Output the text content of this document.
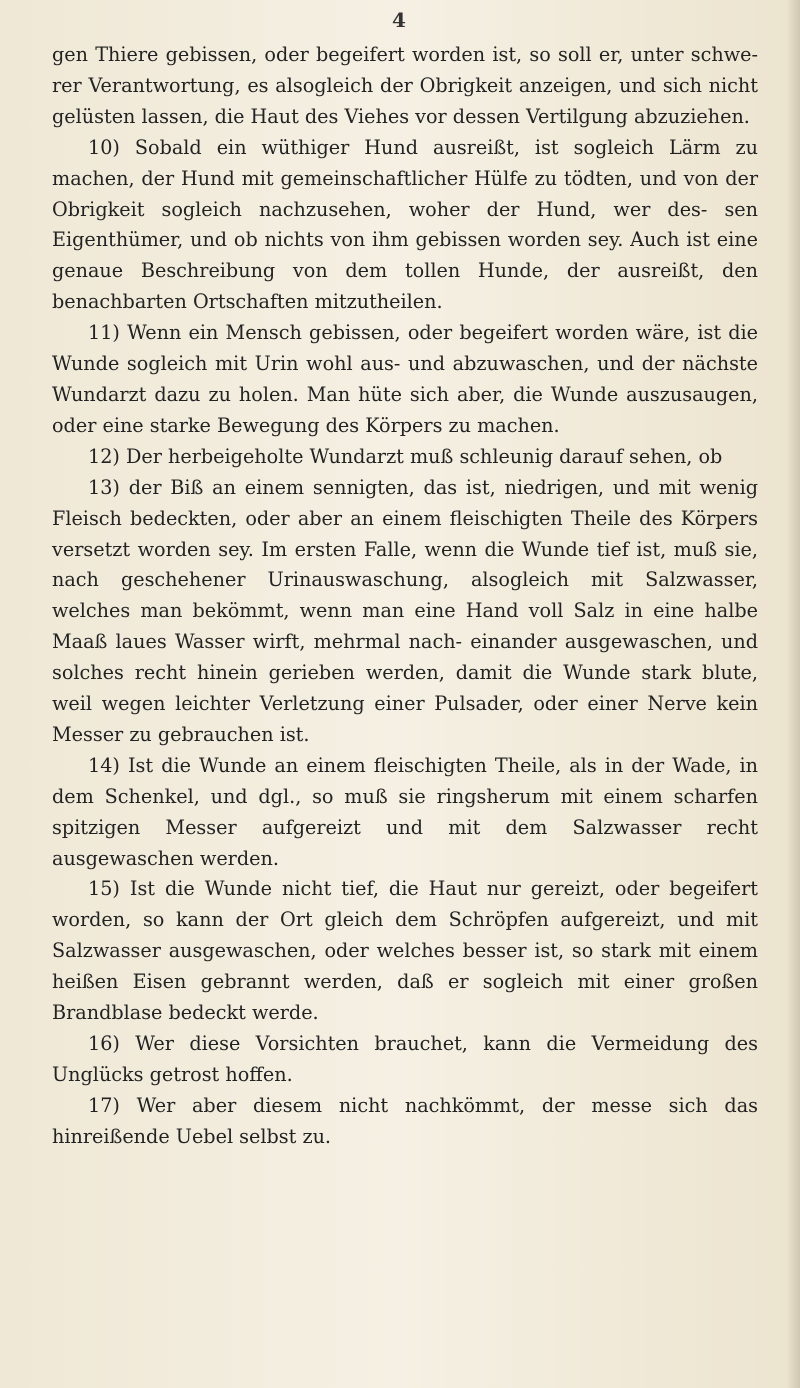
4

gen Thiere gebissen, oder begeifert worden ist, so soll er, unter schwe- rer Verantwortung, es alsogleich der Obrigkeit anzeigen, und sich nicht gelüsten lassen, die Haut des Viehes vor dessen Vertilgung abzuziehen.

10) Sobald ein wüthiger Hund ausreißt, ist sogleich Lärm zu machen, der Hund mit gemeinschaftlicher Hülfe zu tödten, und von der Obrigkeit sogleich nachzusehen, woher der Hund, wer des- sen Eigenthümer, und ob nichts von ihm gebissen worden sey. Auch ist eine genaue Beschreibung von dem tollen Hunde, der ausreißt, den benachbarten Ortschaften mitzutheilen.

11) Wenn ein Mensch gebissen, oder begeifert worden wäre, ist die Wunde sogleich mit Urin wohl aus- und abzuwaschen, und der nächste Wundarzt dazu zu holen. Man hüte sich aber, die Wunde auszusaugen, oder eine starke Bewegung des Körpers zu machen.

12) Der herbeigeholte Wundarzt muß schleunig darauf sehen, ob

13) der Biß an einem sennigten, das ist, niedrigen, und mit wenig Fleisch bedeckten, oder aber an einem fleischigten Theile des Körpers versetzt worden sey. Im ersten Falle, wenn die Wunde tief ist, muß sie, nach geschehener Urinauswaschung, alsogleich mit Salzwasser, welches man bekömmt, wenn man eine Hand voll Salz in eine halbe Maaß laues Wasser wirft, mehrmal nach- einander ausgewaschen, und solches recht hinein gerieben werden, damit die Wunde stark blute, weil wegen leichter Verletzung einer Pulsader, oder einer Nerve kein Messer zu gebrauchen ist.

14) Ist die Wunde an einem fleischigten Theile, als in der Wade, in dem Schenkel, und dgl., so muß sie ringsherum mit einem scharfen spitzigen Messer aufgereizt und mit dem Salzwasser recht ausgewaschen werden.

15) Ist die Wunde nicht tief, die Haut nur gereizt, oder begeifert worden, so kann der Ort gleich dem Schröpfen aufgereizt, und mit Salzwasser ausgewaschen, oder welches besser ist, so stark mit einem heißen Eisen gebrannt werden, daß er sogleich mit einer großen Brandblase bedeckt werde.

16) Wer diese Vorsichten brauchet, kann die Vermeidung des Unglücks getrost hoffen.

17) Wer aber diesem nicht nachkömmt, der messe sich das hinreißende Uebel selbst zu.
